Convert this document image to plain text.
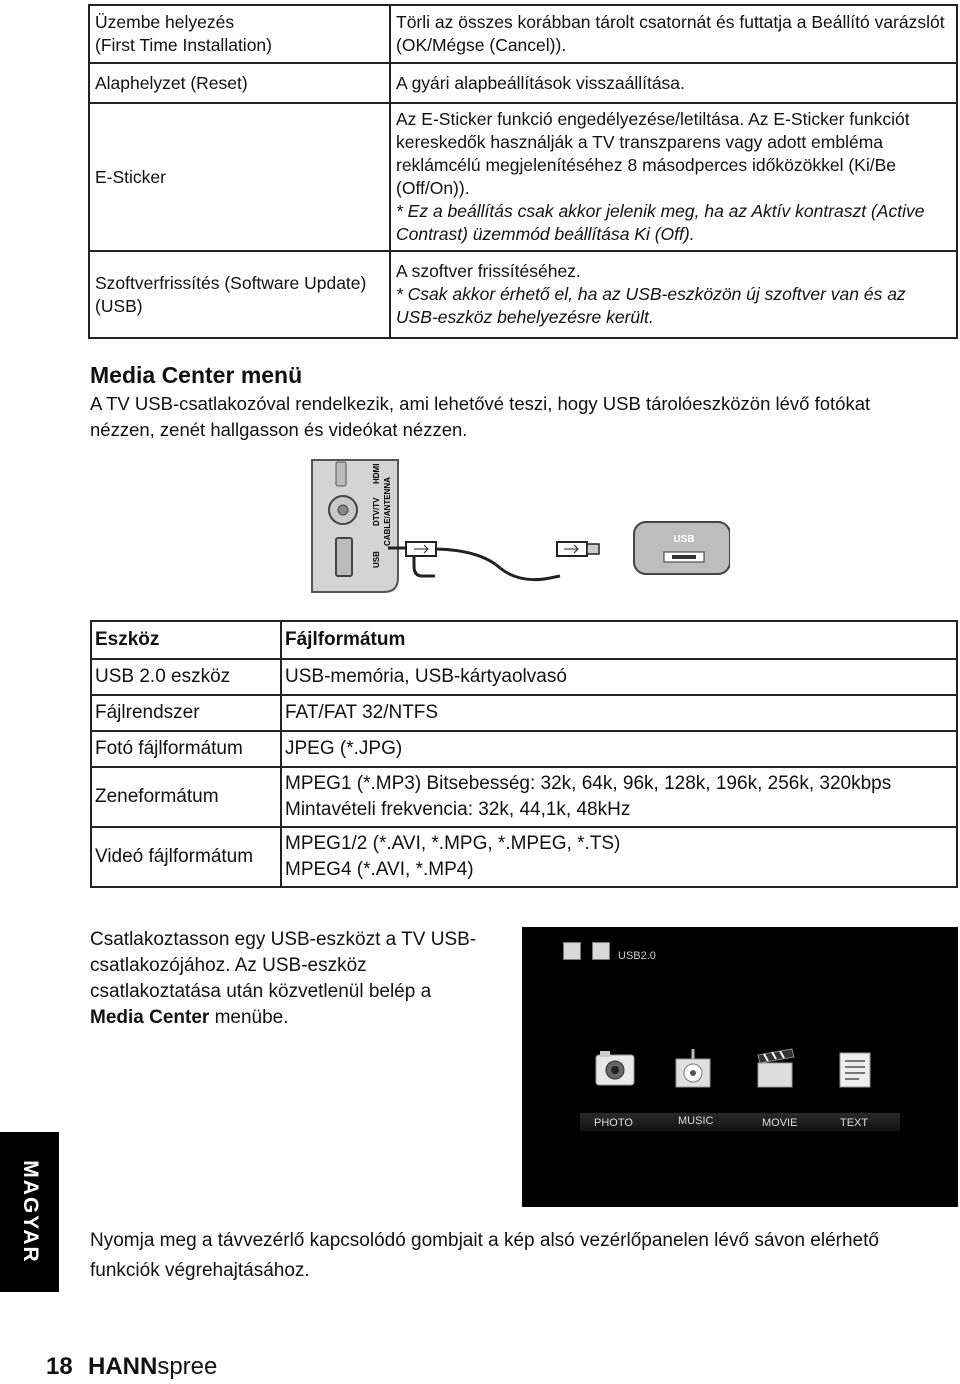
Üzembe helyezés
(First Time Installation)	Törli az összes korábban tárolt csatornát és futtatja a Beállító varázslót (OK/Mégse (Cancel)).
Alaphelyzet (Reset)	A gyári alapbeállítások visszaállítása.
E-Sticker	Az E-Sticker funkció engedélyezése/letiltása. Az E-Sticker funkciót kereskedők használják a TV transzparens vagy adott embléma reklámcélú megjelenítéséhez 8 másodperces időközökkel (Ki/Be (Off/On)).
* Ez a beállítás csak akkor jelenik meg, ha az Aktív kontraszt (Active Contrast) üzemmód beállítása Ki (Off).

Szoftverfrissítés (Software Update) (USB)	A szoftver frissítéséhez.
* Csak akkor érhető el, ha az USB-eszközön új szoftver van és az USB-eszköz behelyezésre került.
Media Center menü
A TV USB-csatlakozóval rendelkezik, ami lehetővé teszi, hogy USB tárolóeszközön lévő fotókat nézzen, zenét hallgasson és videókat nézzen.
HDMI
DTV/TV CABLE/ANTENNA
USB
USB
Eszköz	Fájlformátum
USB 2.0 eszköz	USB-memória, USB-kártyaolvasó
Fájlrendszer	FAT/FAT 32/NTFS
Fotó fájlformátum	JPEG (*.JPG)
Zeneformátum	MPEG1 (*.MP3) Bitsebesség: 32k, 64k, 96k, 128k, 196k, 256k, 320kbps
Mintavételi frekvencia: 32k, 44,1k, 48kHz

Videó fájlformátum	MPEG1/2 (*.AVI, *.MPG, *.MPEG, *.TS)
MPEG4 (*.AVI, *.MP4)
Csatlakoztasson egy USB-eszközt a TV USB-csatlakozójához. Az USB-eszköz csatlakoztatása után közvetlenül belép a Media Center menübe.
USB2.0
PHOTO	MUSIC	MOVIE	TEXT
Nyomja meg a távvezérlő kapcsolódó gombjait a kép alsó vezérlőpanelen lévő sávon elérhető funkciók végrehajtásához.
MAGYAR
18 HANNspree
